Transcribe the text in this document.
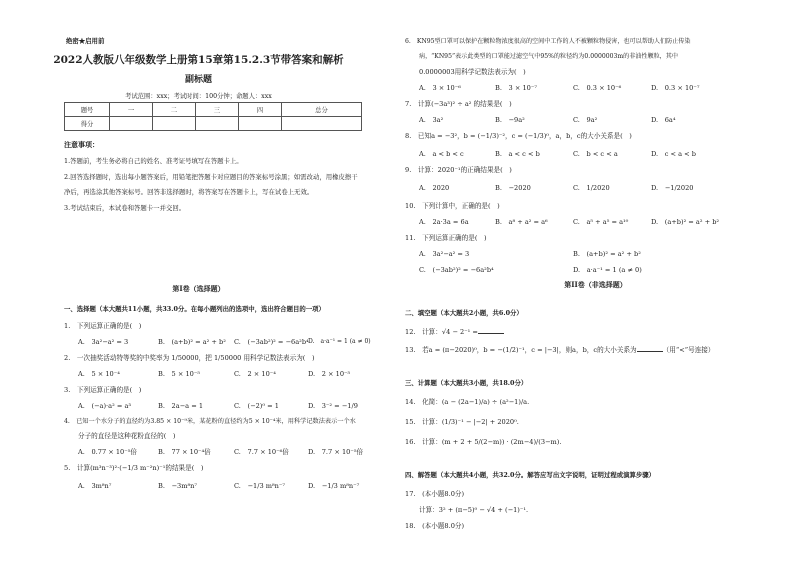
绝密★启用前
2022人教版八年级数学上册第15章第15.2.3节带答案和解析
副标题
考试范围：xxx；考试时间：100分钟；命题人：xxx
题号	一	二	三	四	总分
得分					
注意事项：
1.答题前，考生务必将自己的姓名、准考证号填写在答题卡上。
2.回答选择题时，选出每小题答案后，用铅笔把答题卡对应题目的答案标号涂黑；如需改动，用橡皮擦干
净后，再选涂其他答案标号。回答非选择题时，将答案写在答题卡上，写在试卷上无效。
3.考试结束后，本试卷和答题卡一并交回。
第I卷（选择题）
一、选择题（本大题共11小题，共33.0分。在每小题列出的选项中，选出符合题目的一项）
1.　下列运算正确的是(　)
A.　3a²−a² = 3	B.　(a+b)² = a² + b² C.　(−3ab²)² = −6a²b⁴ D.　a·a⁻¹ = 1 (a ≠ 0)
2.　一次抽奖活动特等奖的中奖率为 1/50000，把 1/50000 用科学记数法表示为(　)
A.　5 × 10⁻⁴	B.　5 × 10⁻⁵	C.　2 × 10⁻⁴	D.　2 × 10⁻⁵
3.　下列运算正确的是(　)
A.　(−a)·a² = a³	B.　2a−a = 1	C.　(−2)⁰ = 1	D.　3⁻² = −1/9
4.　已知一个水分子的直径约为3.85 × 10⁻⁹米，某花粉的直径约为5 × 10⁻⁴米，用科学记数法表示一个水
分子的直径是这种花粉直径的(　)
A.　0.77 × 10⁻⁵倍	B.　77 × 10⁻⁴倍	C.　7.7 × 10⁻⁶倍	D.　7.7 × 10⁻⁵倍
5.　计算(m³n⁻³)²·(−1/3 m⁻²n)⁻¹的结果是(　)
A.　3m⁸n⁷	B.　−3m⁸n⁷	C.　−1/3 m⁸n⁻⁷	D.　−1/3 m⁸n⁻⁷
6.　KN95型口罩可以保护在颗粒物浓度很高的空间中工作的人不被颗粒物侵害，也可以帮助人们防止传染
病，“KN95”表示此类型的口罩能过滤空气中95%的粒径约为0.0000003m的非油性颗粒，其中
0.0000003用科学记数法表示为(　)
A.　3 × 10⁻⁶	B.　3 × 10⁻⁷	C.　0.3 × 10⁻⁶	D.　0.3 × 10⁻⁷
7.　计算(−3a³)² ÷ a² 的结果是(　)
A.　3a²	B.　−9a²	C.　9a²	D.　6a⁴
8.　已知a = −3²，b = (−1/3)⁻²，c = (−1/3)⁰，a，b，c的大小关系是(　)
A.　a < b < c	B.　a < c < b	C.　b < c < a	D.　c < a < b
9.　计算：2020⁻¹的正确结果是(　)
A.　2020	B.　−2020	C.　1/2020	D.　−1/2020
10.　下列计算中，正确的是(　)
A.　2a·3a = 6a	B.　a⁸ + a² = a⁶	C.　a⁵ + a⁵ = a¹⁰	D.　(a+b)² = a² + b²
11.　下列运算正确的是(　)
A.　3a²−a² = 3	B.　(a+b)² = a² + b²
C.　(−3ab²)² = −6a²b⁴	D.　a·a⁻¹ = 1 (a ≠ 0)
第II卷（非选择题）
二、填空题（本大题共2小题，共6.0分）
12.　计算：√4 − 2⁻¹ =
13.　若a = (π−2020)⁰，b = −(1/2)⁻¹，c = |−3|，则a，b，c的大小关系为	（用“<”号连接）
三、计算题（本大题共3小题，共18.0分）
14.　化简：(a − (2a−1)/a) ÷ (a²−1)/a.
15.　计算：(1/3)⁻¹ − |−2| + 2020⁰.
16.　计算：(m + 2 + 5/(2−m)) · (2m−4)/(3−m).
四、解答题（本大题共4小题，共32.0分。解答应写出文字说明，证明过程或演算步骤）
17.　(本小题8.0分)
计算：3² + (π−5)⁰ − √4 + (−1)⁻¹.
18.　(本小题8.0分)
